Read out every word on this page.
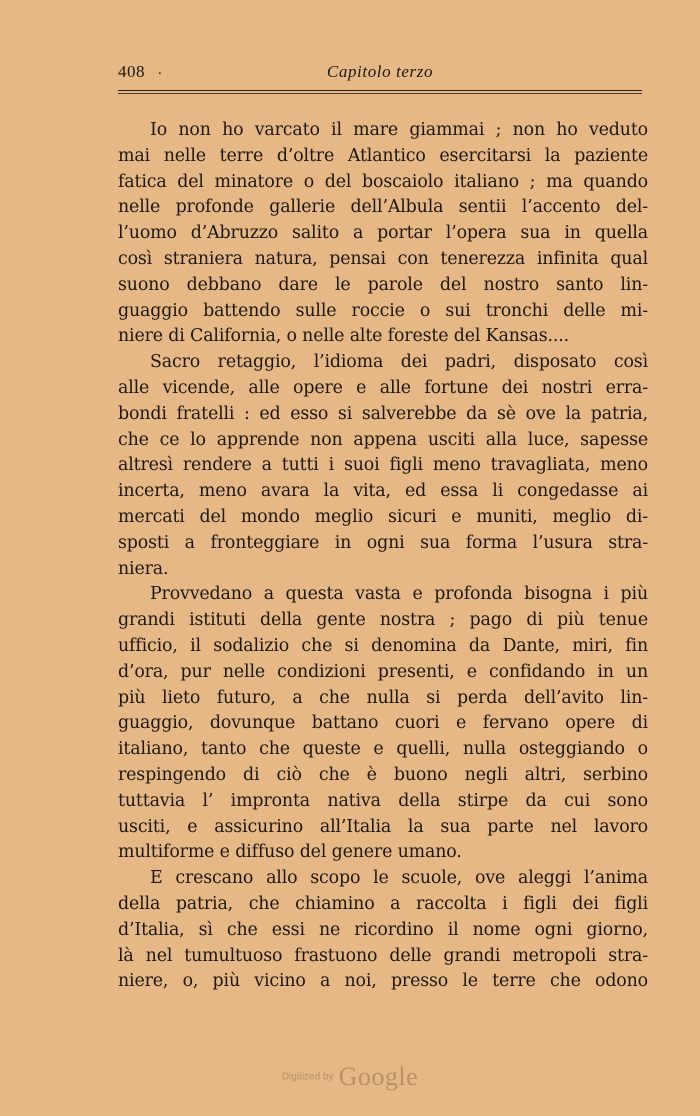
408 .	Capitolo terzo
Io non ho varcato il mare giammai ; non ho veduto
mai nelle terre d’oltre Atlantico esercitarsi la paziente
fatica del minatore o del boscaiolo italiano ; ma quando
nelle profonde gallerie dell’Albula sentii l’accento del-
l’uomo d’Abruzzo salito a portar l’opera sua in quella
così straniera natura, pensai con tenerezza infinita qual
suono debbano dare le parole del nostro santo lin-
guaggio battendo sulle roccie o sui tronchi delle mi-
niere di California, o nelle alte foreste del Kansas....
Sacro retaggio, l’idioma dei padri, disposato così
alle vicende, alle opere e alle fortune dei nostri erra-
bondi fratelli : ed esso si salverebbe da sè ove la patria,
che ce lo apprende non appena usciti alla luce, sapesse
altresì rendere a tutti i suoi figli meno travagliata, meno
incerta, meno avara la vita, ed essa li congedasse ai
mercati del mondo meglio sicuri e muniti, meglio di-
sposti a fronteggiare in ogni sua forma l’usura stra-
niera.
Provvedano a questa vasta e profonda bisogna i più
grandi istituti della gente nostra ; pago di più tenue
ufficio, il sodalizio che si denomina da Dante, miri, fin
d’ora, pur nelle condizioni presenti, e confidando in un
più lieto futuro, a che nulla si perda dell’avito lin-
guaggio, dovunque battano cuori e fervano opere di
italiano, tanto che queste e quelli, nulla osteggiando o
respingendo di ciò che è buono negli altri, serbino
tuttavia l’ impronta nativa della stirpe da cui sono
usciti, e assicurino all’Italia la sua parte nel lavoro
multiforme e diffuso del genere umano.
E crescano allo scopo le scuole, ove aleggi l’anima
della patria, che chiamino a raccolta i figli dei figli
d’Italia, sì che essi ne ricordino il nome ogni giorno,
là nel tumultuoso frastuono delle grandi metropoli stra-
niere, o, più vicino a noi, presso le terre che odono
Digitized by Google
